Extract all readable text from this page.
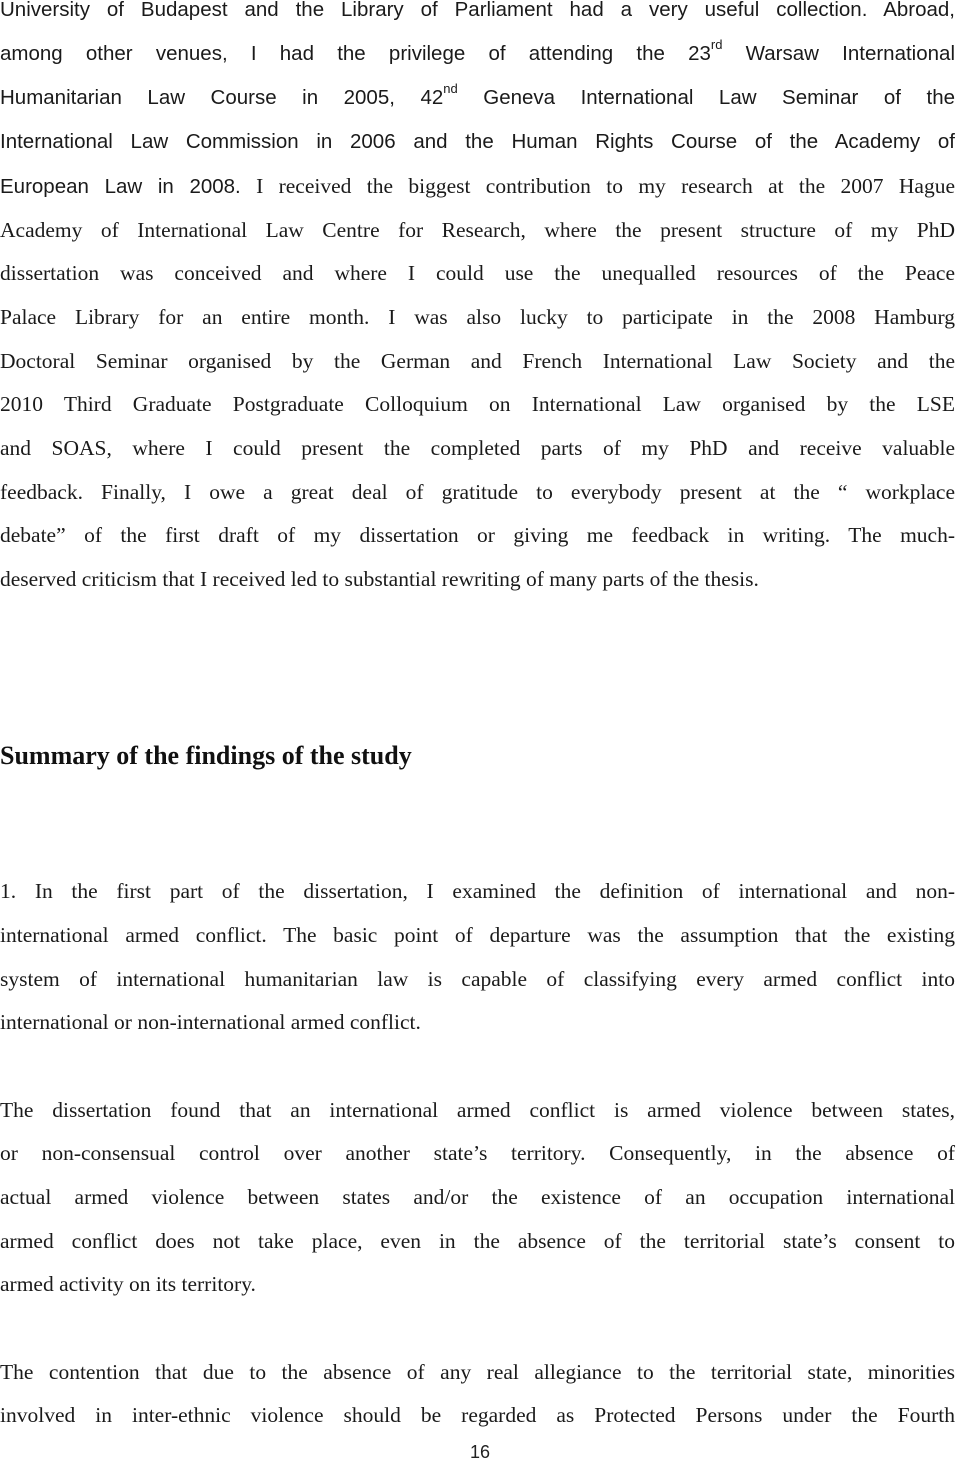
University of Budapest and the Library of Parliament had a very useful collection. Abroad,

among other venues, I had the privilege of attending the 23rd Warsaw International

Humanitarian Law Course in 2005, 42nd Geneva International Law Seminar of the

International Law Commission in 2006 and the Human Rights Course of the Academy of

European Law in 2008. I received the biggest contribution to my research at the 2007 Hague

Academy of International Law Centre for Research, where the present structure of my PhD

dissertation was conceived and where I could use the unequalled resources of the Peace

Palace Library for an entire month. I was also lucky to participate in the 2008 Hamburg

Doctoral Seminar organised by the German and French International Law Society and the

2010 Third Graduate Postgraduate Colloquium on International Law organised by the LSE

and SOAS, where I could present the completed parts of my PhD and receive valuable

feedback. Finally, I owe a great deal of gratitude to everybody present at the “ workplace

debate” of the first draft of my dissertation or giving me feedback in writing. The much-

deserved criticism that I received led to substantial rewriting of many parts of the thesis.

Summary of the findings of the study

1. In the first part of the dissertation, I examined the definition of international and non-

international armed conflict. The basic point of departure was the assumption that the existing

system of international humanitarian law is capable of classifying every armed conflict into

international or non-international armed conflict.

The dissertation found that an international armed conflict is armed violence between states,

or non-consensual control over another state’s territory. Consequently, in the absence of

actual armed violence between states and/or the existence of an occupation international

armed conflict does not take place, even in the absence of the territorial state’s consent to

armed activity on its territory.

The contention that due to the absence of any real allegiance to the territorial state, minorities

involved in inter-ethnic violence should be regarded as Protected Persons under the Fourth

16
